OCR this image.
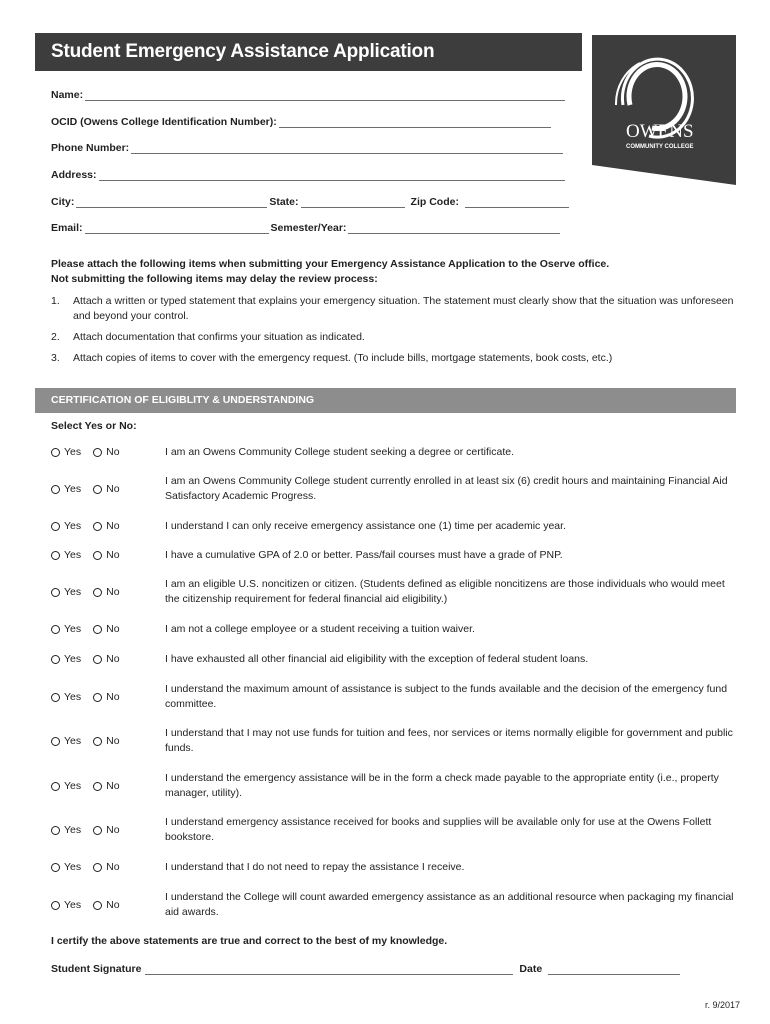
Student Emergency Assistance Application
OWENS
COMMUNITY COLLEGE
Name:
OCID (Owens College Identification Number):
Phone Number:
Address:
City:	State:	Zip Code:
Email:	Semester/Year:
Please attach the following items when submitting your Emergency Assistance Application to the Oserve office.
Not submitting the following items may delay the review process:
1.	Attach a written or typed statement that explains your emergency situation. The statement must clearly show that the situation was unforeseen and beyond your control.
2.	Attach documentation that confirms your situation as indicated.
3.	Attach copies of items to cover with the emergency request. (To include bills, mortgage statements, book costs, etc.)
CERTIFICATION OF ELIGIBLITY & UNDERSTANDING
Select Yes or No:
Yes No	I am an Owens Community College student seeking a degree or certificate.
Yes No
I am an Owens Community College student currently enrolled in at least six (6) credit hours and maintaining Financial Aid Satisfactory Academic Progress.
Yes No	I understand I can only receive emergency assistance one (1) time per academic year.
Yes No	I have a cumulative GPA of 2.0 or better. Pass/fail courses must have a grade of PNP.
Yes No
I am an eligible U.S. noncitizen or citizen. (Students defined as eligible noncitizens are those individuals who would meet the citizenship requirement for federal financial aid eligibility.)
Yes No	I am not a college employee or a student receiving a tuition waiver.
Yes No	I have exhausted all other financial aid eligibility with the exception of federal student loans.
Yes No
I understand the maximum amount of assistance is subject to the funds available and the decision of the emergency fund committee.
Yes No
I understand that I may not use funds for tuition and fees, nor services or items normally eligible for government and public funds.
Yes No
I understand the emergency assistance will be in the form a check made payable to the appropriate entity (i.e., property manager, utility).
Yes No
I understand emergency assistance received for books and supplies will be available only for use at the Owens Follett bookstore.
Yes No	I understand that I do not need to repay the assistance I receive.
Yes No
I understand the College will count awarded emergency assistance as an additional resource when packaging my financial aid awards.
I certify the above statements are true and correct to the best of my knowledge.
Student Signature	Date
r. 9/2017
